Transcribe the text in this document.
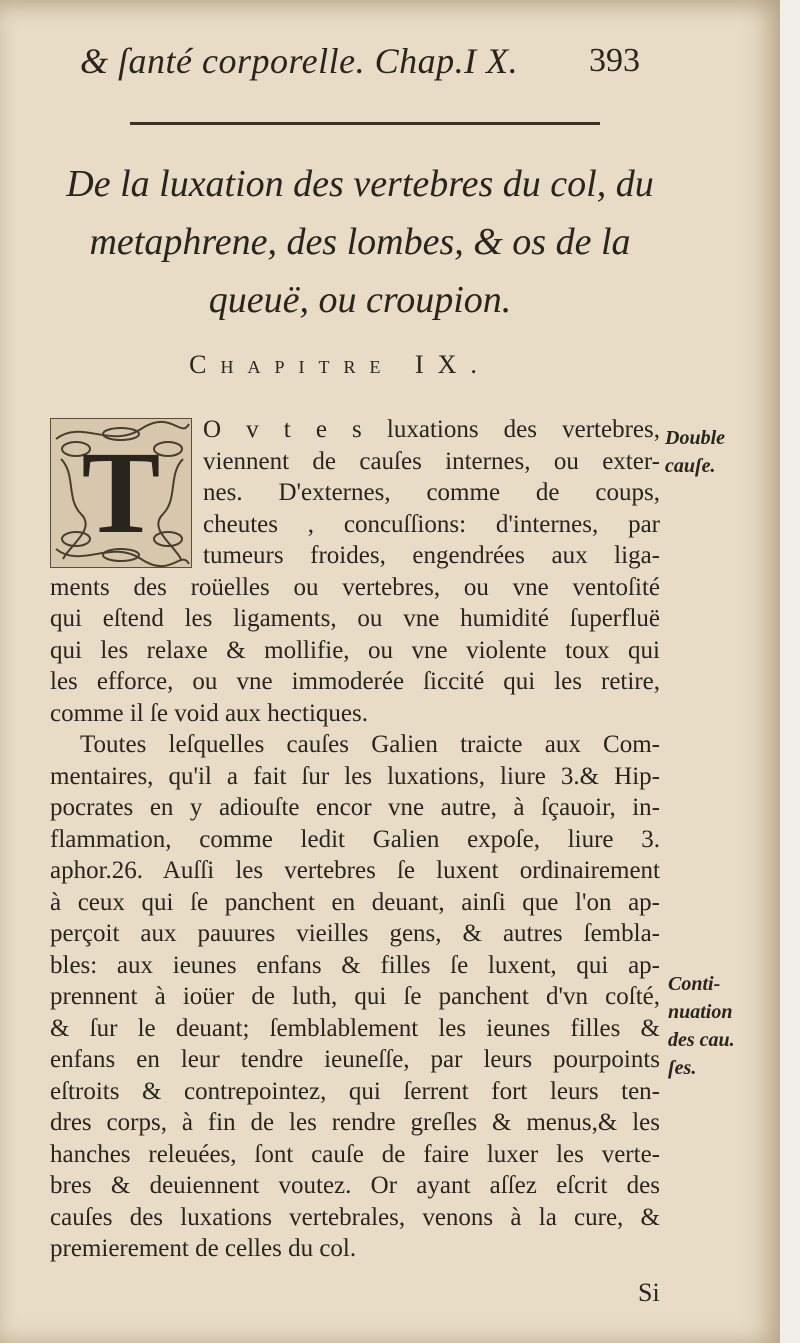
& ſanté corporelle. Chap.I X. 393
De la luxation des vertebres du col, du
metaphrene, des lombes, & os de la
queuë, ou croupion.
Chapitre IX.
T	O v t e s luxations des vertebres,
viennent de cauſes internes, ou exter-
nes. D'externes, comme de coups,
cheutes , concuſſions: d'internes, par
tumeurs froides, engendrées aux liga-
ments des roüelles ou vertebres, ou vne ventoſité
qui eſtend les ligaments, ou vne humidité ſuperfluë
qui les relaxe & mollifie, ou vne violente toux qui
les efforce, ou vne immoderée ſiccité qui les retire,
comme il ſe void aux hectiques.
Toutes leſquelles cauſes Galien traicte aux Com-
mentaires, qu'il a fait ſur les luxations, liure 3.& Hip-
pocrates en y adiouſte encor vne autre, à ſçauoir, in-
flammation, comme ledit Galien expoſe, liure 3.
aphor.26. Auſſi les vertebres ſe luxent ordinairement
à ceux qui ſe panchent en deuant, ainſi que l'on ap-
perçoit aux pauures vieilles gens, & autres ſembla-
bles: aux ieunes enfans & filles ſe luxent, qui ap-
prennent à ioüer de luth, qui ſe panchent d'vn coſté,
& ſur le deuant; ſemblablement les ieunes filles &
enfans en leur tendre ieuneſſe, par leurs pourpoints
eſtroits & contrepointez, qui ſerrent fort leurs ten-
dres corps, à fin de les rendre greſles & menus,& les
hanches releuées, ſont cauſe de faire luxer les verte-
bres & deuiennent voutez. Or ayant aſſez eſcrit des
cauſes des luxations vertebrales, venons à la cure, &
premierement de celles du col.
Double
cauſe.
Conti-
nuation
des cau.
ſes.
Si
